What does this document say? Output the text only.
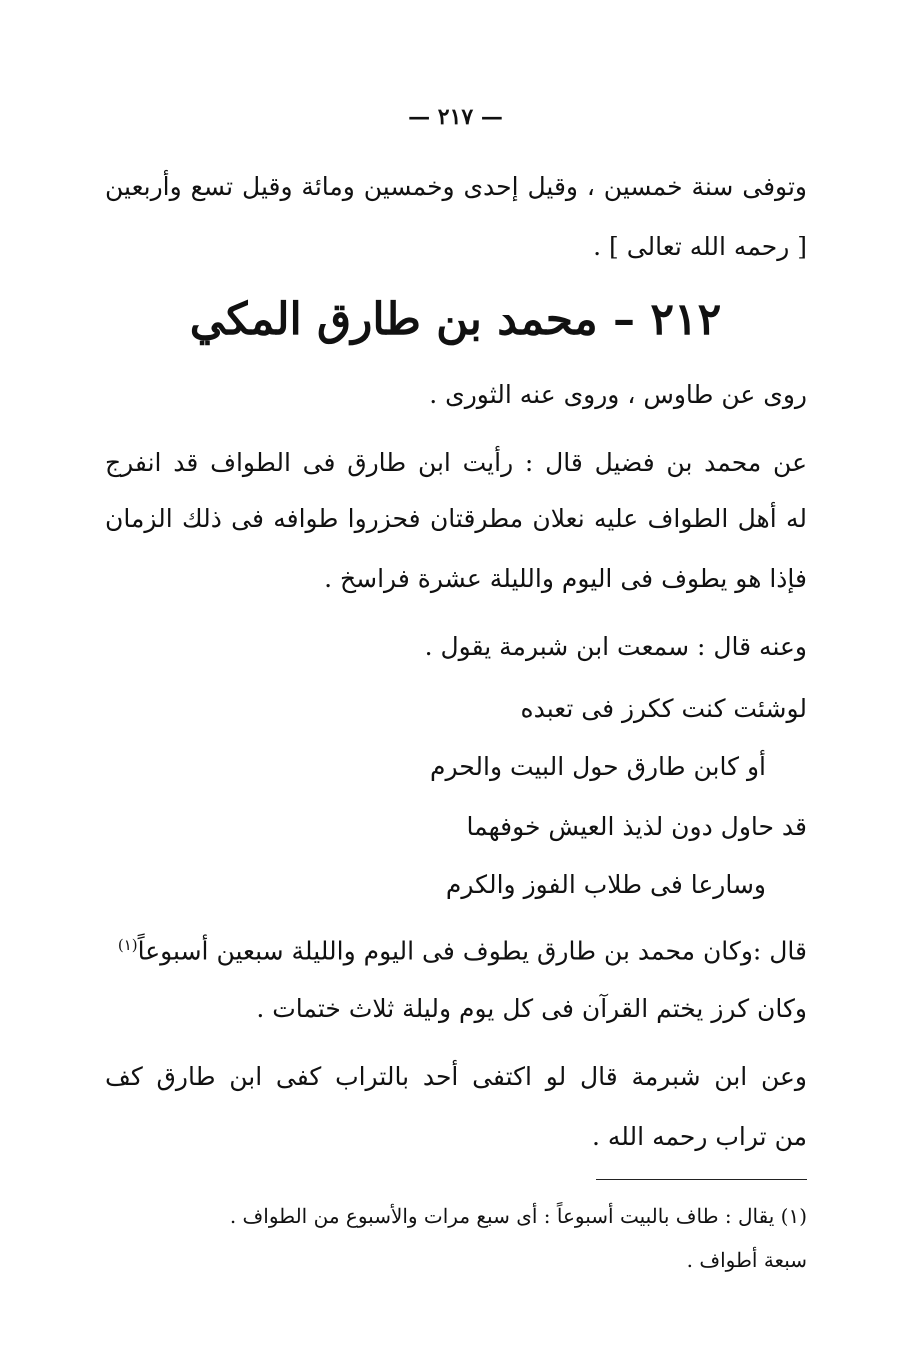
— ٢١٧ —
وتوفى سنة خمسين ، وقيل إحدى وخمسين ومائة وقيل تسع وأربعين
[ رحمه الله تعالى ] .
٢١٢ – محمد بن طارق المكي
روى عن طاوس ، وروى عنه الثورى .
عن محمد بن فضيل قال : رأيت ابن طارق فى الطواف قد انفرج
له أهل الطواف عليه نعلان مطرقتان فحزروا طوافه فى ذلك الزمان
فإذا هو يطوف فى اليوم والليلة عشرة فراسخ .
وعنه قال : سمعت ابن شبرمة يقول .
لوشئت كنت ككرز فى تعبده
أو كابن طارق حول البيت والحرم
قد حاول دون لذيذ العيش خوفهما
وسارعا فى طلاب الفوز والكرم
قال :وكان محمد بن طارق يطوف فى اليوم والليلة سبعين أسبوعاً$^{(١)}$
وكان كرز يختم القرآن فى كل يوم وليلة ثلاث ختمات .
وعن ابن شبرمة قال لو اكتفى أحد بالتراب كفى ابن طارق كف
من تراب رحمه الله .
(١) يقال : طاف بالبيت أسبوعاً : أى سبع مرات والأسبوع من الطواف .
سبعة أطواف .
